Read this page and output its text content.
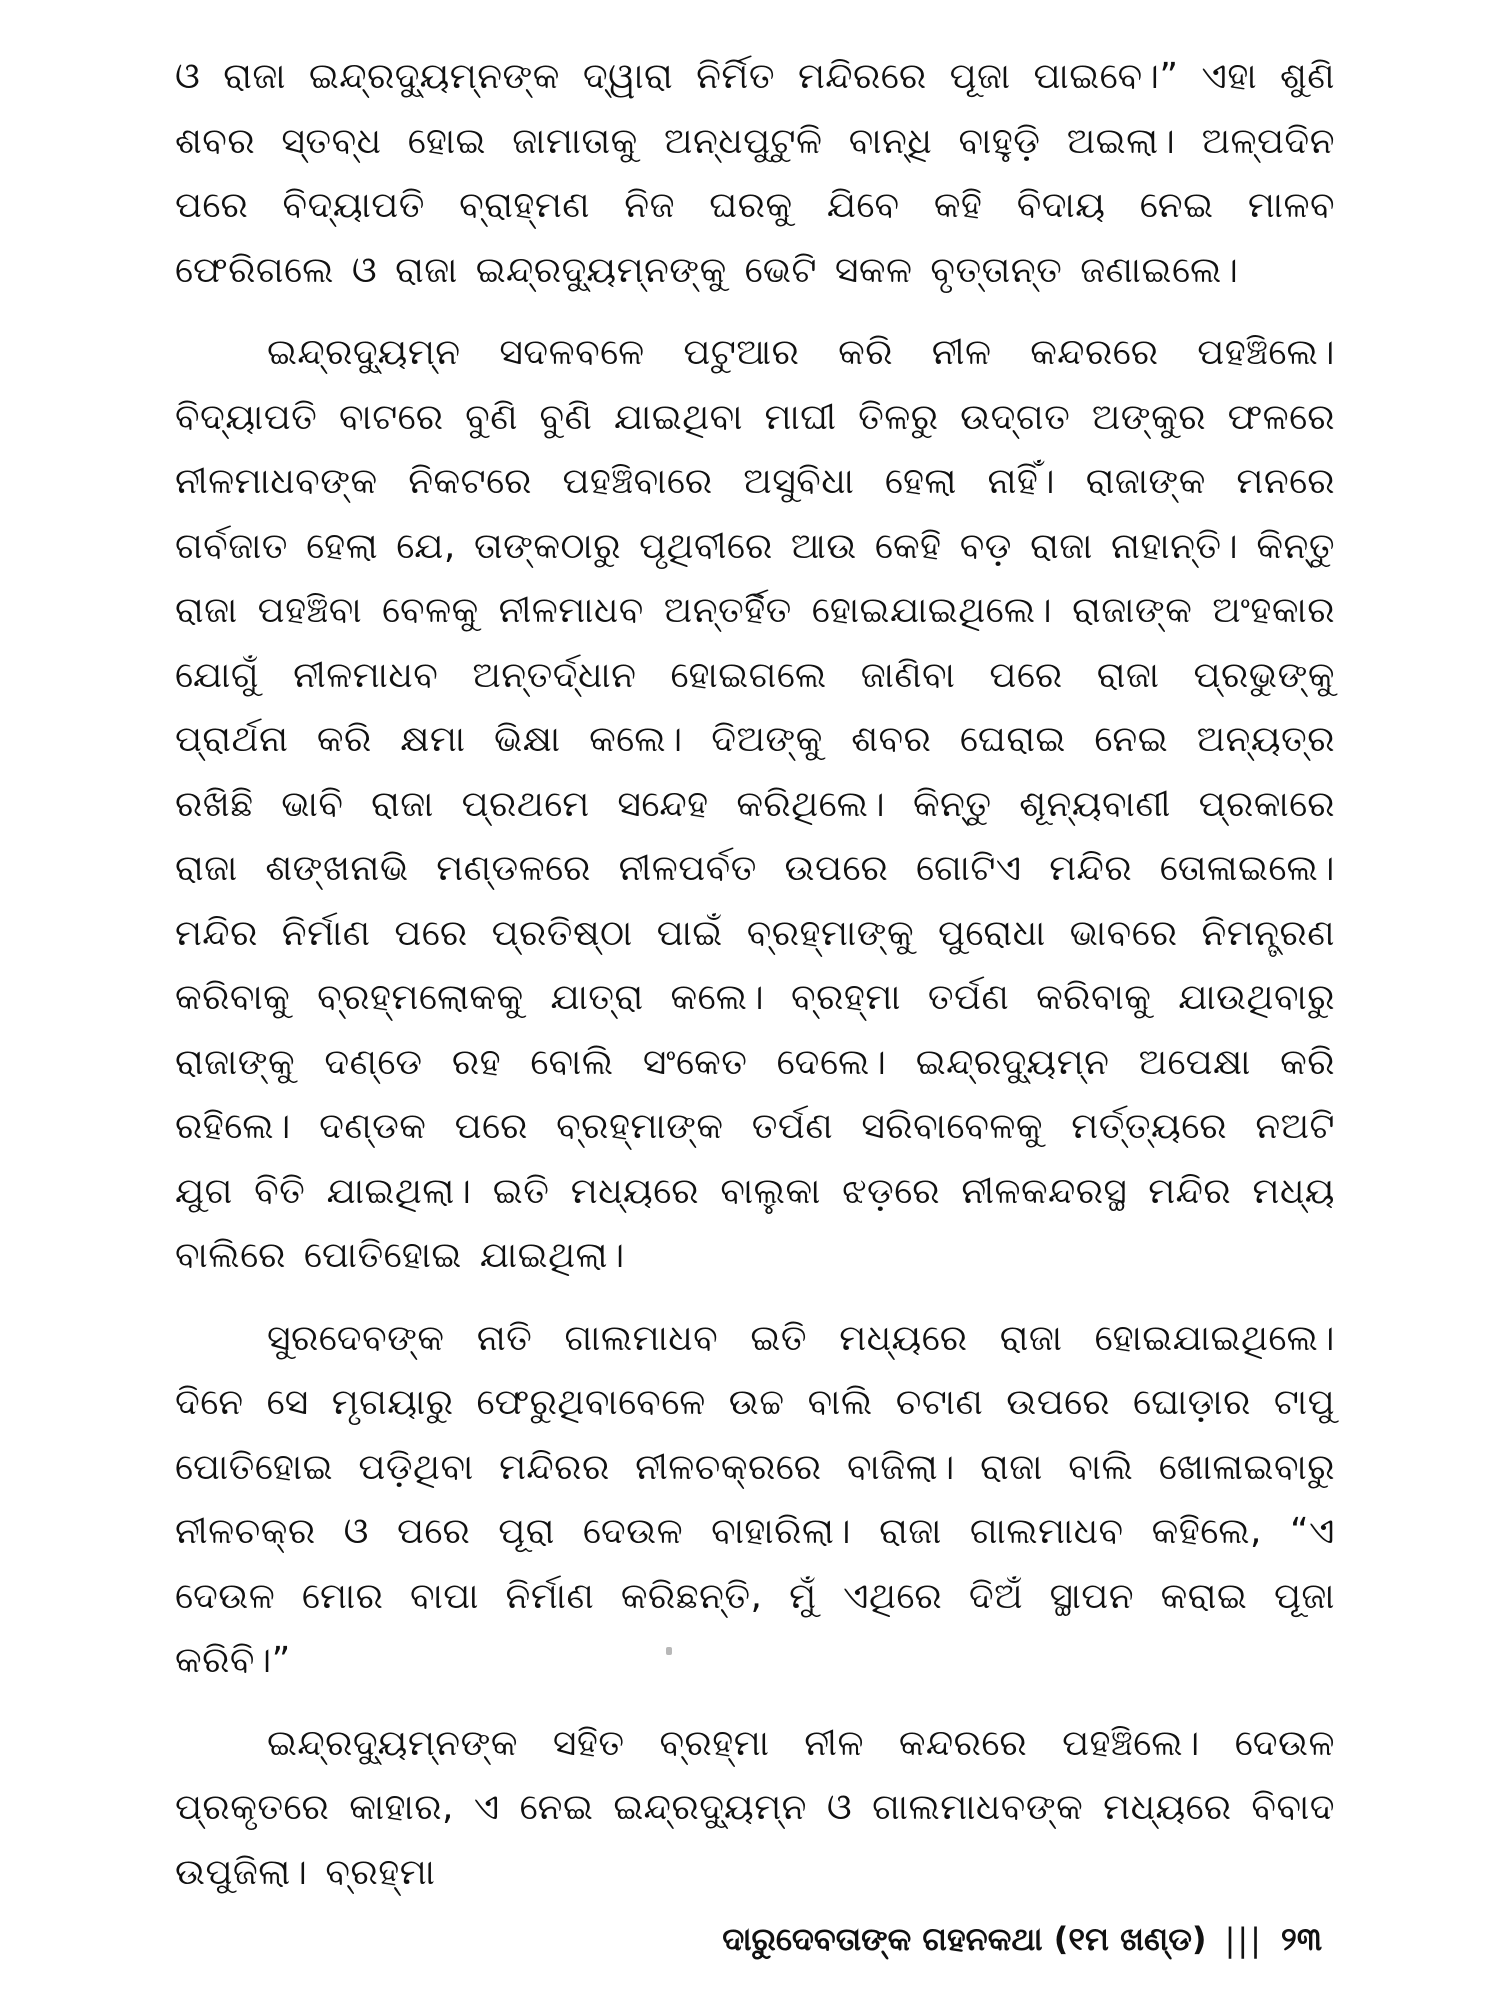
ଓ ରାଜା ଇନ୍ଦ୍ରଦ୍ୟୁମ୍ନଙ୍କ ଦ୍ୱାରା ନିର୍ମିତ ମନ୍ଦିରରେ ପୂଜା ପାଇବେ।” ଏହା ଶୁଣି ଶବର ସ୍ତବ୍ଧ ହୋଇ ଜାମାତାକୁ ଅନ୍ଧପୁଟୁଳି ବାନ୍ଧି ବାହୁଡ଼ି ଅଇଲା। ଅଳ୍ପଦିନ ପରେ ବିଦ୍ୟାପତି ବ୍ରାହ୍ମଣ ନିଜ ଘରକୁ ଯିବେ କହି ବିଦାୟ ନେଇ ମାଳବ ଫେରିଗଲେ ଓ ରାଜା ଇନ୍ଦ୍ରଦ୍ୟୁମ୍ନଙ୍କୁ ଭେଟି ସକଳ ବୃତ୍ତାନ୍ତ ଜଣାଇଲେ।

ଇନ୍ଦ୍ରଦ୍ୟୁମ୍ନ ସଦଳବଳେ ପଟୁଆର କରି ନୀଳ କନ୍ଦରରେ ପହଞ୍ଚିଲେ। ବିଦ୍ୟାପତି ବାଟରେ ବୁଣି ବୁଣି ଯାଇଥିବା ମାଘୀ ତିଳରୁ ଉଦ୍‌ଗତ ଅଙ୍କୁର ଫଳରେ ନୀଳମାଧବଙ୍କ ନିକଟରେ ପହଞ୍ଚିବାରେ ଅସୁବିଧା ହେଲା ନାହିଁ। ରାଜାଙ୍କ ମନରେ ଗର୍ବଜାତ ହେଲା ଯେ, ତାଙ୍କଠାରୁ ପୃଥିବୀରେ ଆଉ କେହି ବଡ଼ ରାଜା ନାହାନ୍ତି। କିନ୍ତୁ ରାଜା ପହଞ୍ଚିବା ବେଳକୁ ନୀଳମାଧବ ଅନ୍ତର୍ହିତ ହୋଇଯାଇଥିଲେ। ରାଜାଙ୍କ ଅଂହକାର ଯୋଗୁଁ ନୀଳମାଧବ ଅନ୍ତର୍ଦ୍ଧାନ ହୋଇଗଲେ ଜାଣିବା ପରେ ରାଜା ପ୍ରଭୁଙ୍କୁ ପ୍ରାର୍ଥନା କରି କ୍ଷମା ଭିକ୍ଷା କଲେ। ଦିଅଙ୍କୁ ଶବର ଘେରାଇ ନେଇ ଅନ୍ୟତ୍ର ରଖିଛି ଭାବି ରାଜା ପ୍ରଥମେ ସନ୍ଦେହ କରିଥିଲେ। କିନ୍ତୁ ଶୂନ୍ୟବାଣୀ ପ୍ରକାରେ ରାଜା ଶଙ୍ଖନାଭି ମଣ୍ଡଳରେ ନୀଳପର୍ବତ ଉପରେ ଗୋଟିଏ ମନ୍ଦିର ତୋଳାଇଲେ। ମନ୍ଦିର ନିର୍ମାଣ ପରେ ପ୍ରତିଷ୍ଠା ପାଇଁ ବ୍ରହ୍ମାଙ୍କୁ ପୁରୋଧା ଭାବରେ ନିମନ୍ତ୍ରଣ କରିବାକୁ ବ୍ରହ୍ମଲୋକକୁ ଯାତ୍ରା କଲେ। ବ୍ରହ୍ମା ତର୍ପଣ କରିବାକୁ ଯାଉଥିବାରୁ ରାଜାଙ୍କୁ ଦଣ୍ଡେ ରହ ବୋଲି ସଂକେତ ଦେଲେ। ଇନ୍ଦ୍ରଦ୍ୟୁମ୍ନ ଅପେକ୍ଷା କରି ରହିଲେ। ଦଣ୍ଡକ ପରେ ବ୍ରହ୍ମାଙ୍କ ତର୍ପଣ ସରିବାବେଳକୁ ମର୍ତ୍ତ୍ୟରେ ନଅଟି ଯୁଗ ବିତି ଯାଇଥିଲା। ଇତି ମଧ୍ୟରେ ବାଲୁକା ଝଡ଼ରେ ନୀଳକନ୍ଦରସ୍ଥ ମନ୍ଦିର ମଧ୍ୟ ବାଲିରେ ପୋତିହୋଇ ଯାଇଥିଲା।

ସୁରଦେବଙ୍କ ନାତି ଗାଲମାଧବ ଇତି ମଧ୍ୟରେ ରାଜା ହୋଇଯାଇଥିଲେ। ଦିନେ ସେ ମୃଗୟାରୁ ଫେରୁଥିବାବେଳେ ଉଚ୍ଚ ବାଲି ଚଟାଣ ଉପରେ ଘୋଡ଼ାର ଟାପୁ ପୋତିହୋଇ ପଡ଼ିଥିବା ମନ୍ଦିରର ନୀଳଚକ୍ରରେ ବାଜିଲା। ରାଜା ବାଲି ଖୋଳାଇବାରୁ ନୀଳଚକ୍ର ଓ ପରେ ପୂରା ଦେଉଳ ବାହାରିଲା। ରାଜା ଗାଲମାଧବ କହିଲେ, “ଏ ଦେଉଳ ମୋର ବାପା ନିର୍ମାଣ କରିଛନ୍ତି, ମୁଁ ଏଥିରେ ଦିଅଁ ସ୍ଥାପନ କରାଇ ପୂଜା କରିବି।”

ଇନ୍ଦ୍ରଦ୍ୟୁମ୍ନଙ୍କ ସହିତ ବ୍ରହ୍ମା ନୀଳ କନ୍ଦରରେ ପହଞ୍ଚିଲେ। ଦେଉଳ ପ୍ରକୃତରେ କାହାର, ଏ ନେଇ ଇନ୍ଦ୍ରଦ୍ୟୁମ୍ନ ଓ ଗାଲମାଧବଙ୍କ ମଧ୍ୟରେ ବିବାଦ ଉପୁଜିଲା। ବ୍ରହ୍ମା

ଦାରୁଦେବତାଙ୍କ ଗହନକଥା (୧ମ ଖଣ୍ଡ) ||| ୨୩
